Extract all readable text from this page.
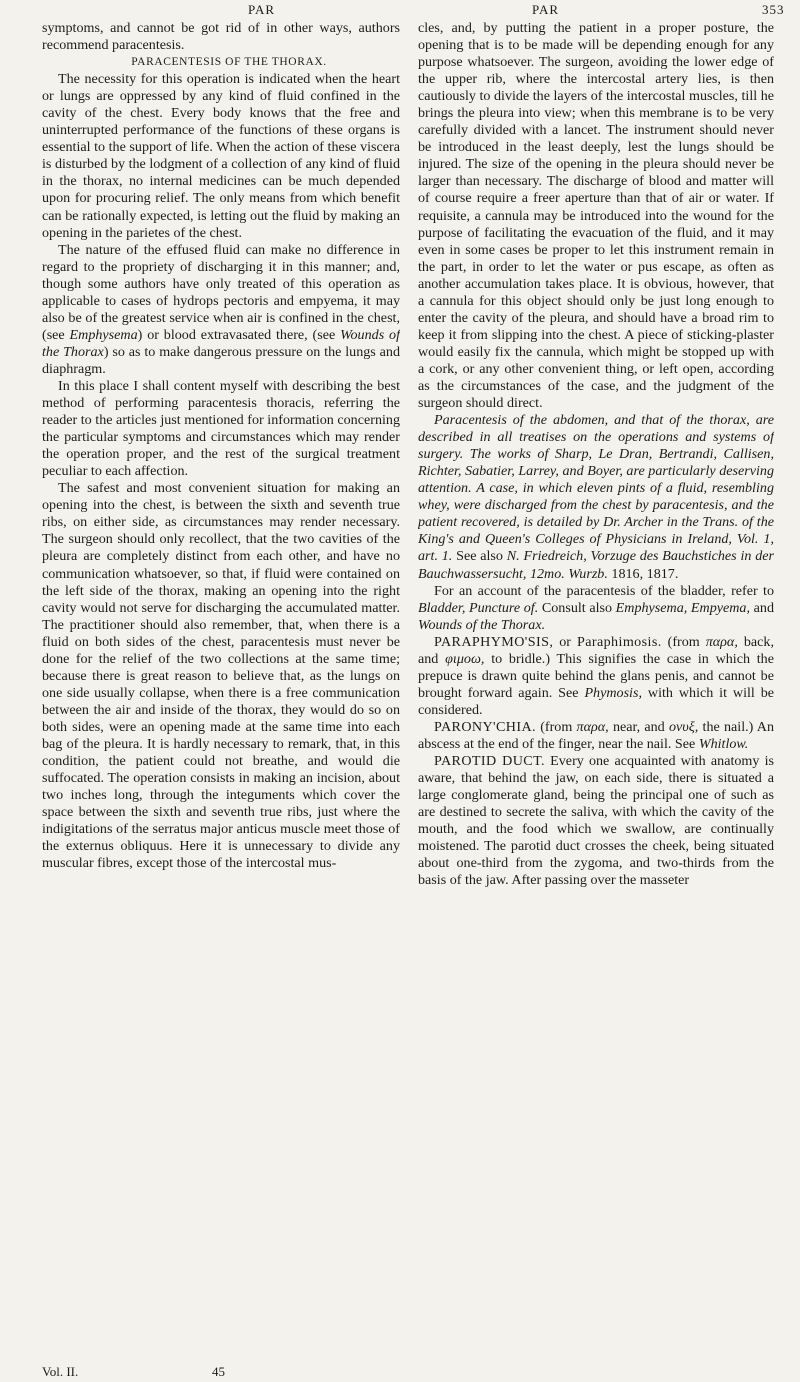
PAR	PAR	353

symptoms, and cannot be got rid of in other ways, authors recommend paracentesis.

PARACENTESIS OF THE THORAX.

The necessity for this operation is indicated when the heart or lungs are oppressed by any kind of fluid confined in the cavity of the chest. Every body knows that the free and uninterrupted performance of the functions of these organs is essential to the support of life. When the action of these viscera is disturbed by the lodgment of a collection of any kind of fluid in the thorax, no internal medicines can be much depended upon for procuring relief. The only means from which benefit can be rationally expected, is letting out the fluid by making an opening in the parietes of the chest.

The nature of the effused fluid can make no difference in regard to the propriety of discharging it in this manner; and, though some authors have only treated of this operation as applicable to cases of hydrops pectoris and empyema, it may also be of the greatest service when air is confined in the chest, (see Emphysema) or blood extravasated there, (see Wounds of the Thorax) so as to make dangerous pressure on the lungs and diaphragm.

In this place I shall content myself with describing the best method of performing paracentesis thoracis, referring the reader to the articles just mentioned for information concerning the particular symptoms and circumstances which may render the operation proper, and the rest of the surgical treatment peculiar to each affection.

The safest and most convenient situation for making an opening into the chest, is between the sixth and seventh true ribs, on either side, as circumstances may render necessary. The surgeon should only recollect, that the two cavities of the pleura are completely distinct from each other, and have no communication whatsoever, so that, if fluid were contained on the left side of the thorax, making an opening into the right cavity would not serve for discharging the accumulated matter. The practitioner should also remember, that, when there is a fluid on both sides of the chest, paracentesis must never be done for the relief of the two collections at the same time; because there is great reason to believe that, as the lungs on one side usually collapse, when there is a free communication between the air and inside of the thorax, they would do so on both sides, were an opening made at the same time into each bag of the pleura. It is hardly necessary to remark, that, in this condition, the patient could not breathe, and would die suffocated. The operation consists in making an incision, about two inches long, through the integuments which cover the space between the sixth and seventh true ribs, just where the indigitations of the serratus major anticus muscle meet those of the externus obliquus. Here it is unnecessary to divide any muscular fibres, except those of the intercostal mus-

cles, and, by putting the patient in a proper posture, the opening that is to be made will be depending enough for any purpose whatsoever. The surgeon, avoiding the lower edge of the upper rib, where the intercostal artery lies, is then cautiously to divide the layers of the intercostal muscles, till he brings the pleura into view; when this membrane is to be very carefully divided with a lancet. The instrument should never be introduced in the least deeply, lest the lungs should be injured. The size of the opening in the pleura should never be larger than necessary. The discharge of blood and matter will of course require a freer aperture than that of air or water. If requisite, a cannula may be introduced into the wound for the purpose of facilitating the evacuation of the fluid, and it may even in some cases be proper to let this instrument remain in the part, in order to let the water or pus escape, as often as another accumulation takes place. It is obvious, however, that a cannula for this object should only be just long enough to enter the cavity of the pleura, and should have a broad rim to keep it from slipping into the chest. A piece of sticking-plaster would easily fix the cannula, which might be stopped up with a cork, or any other convenient thing, or left open, according as the circumstances of the case, and the judgment of the surgeon should direct.

Paracentesis of the abdomen, and that of the thorax, are described in all treatises on the operations and systems of surgery. The works of Sharp, Le Dran, Bertrandi, Callisen, Richter, Sabatier, Larrey, and Boyer, are particularly deserving attention. A case, in which eleven pints of a fluid, resembling whey, were discharged from the chest by paracentesis, and the patient recovered, is detailed by Dr. Archer in the Trans. of the King's and Queen's Colleges of Physicians in Ireland, Vol. 1, art. 1. See also N. Friedreich, Vorzuge des Bauchstiches in der Bauchwassersucht, 12mo. Wurzb. 1816, 1817.

For an account of the paracentesis of the bladder, refer to Bladder, Puncture of. Consult also Emphysema, Empyema, and Wounds of the Thorax.

PARAPHYMO'SIS, or Paraphimosis. (from παρα, back, and φιμοω, to bridle.) This signifies the case in which the prepuce is drawn quite behind the glans penis, and cannot be brought forward again. See Phymosis, with which it will be considered.

PARONY'CHIA. (from παρα, near, and ονυξ, the nail.) An abscess at the end of the finger, near the nail. See Whitlow.

PAROTID DUCT. Every one acquainted with anatomy is aware, that behind the jaw, on each side, there is situated a large conglomerate gland, being the principal one of such as are destined to secrete the saliva, with which the cavity of the mouth, and the food which we swallow, are continually moistened. The parotid duct crosses the cheek, being situated about one-third from the zygoma, and two-thirds from the basis of the jaw. After passing over the masseter

Vol. II.	45
